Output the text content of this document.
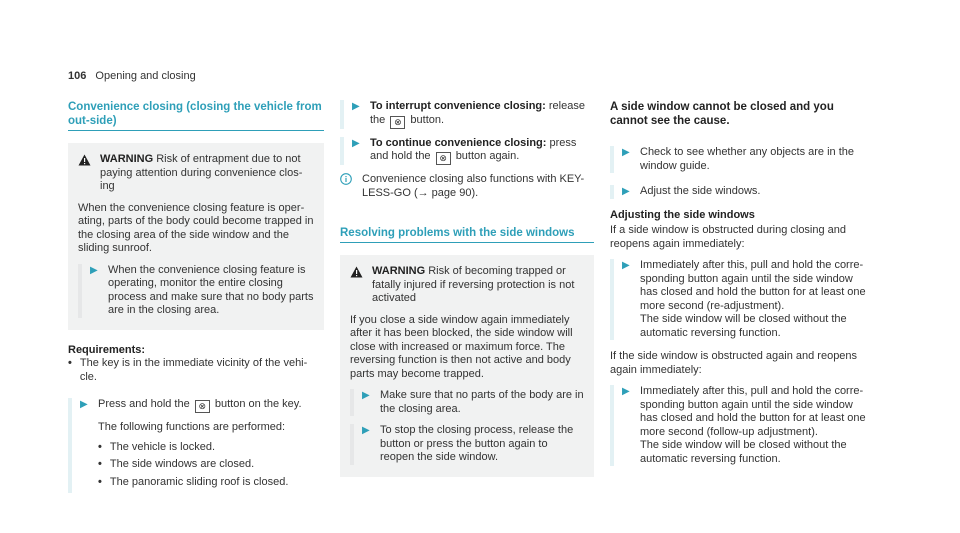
106 Opening and closing
Convenience closing (closing the vehicle from out-side)
WARNING Risk of entrapment due to not paying attention during convenience clos-ing

When the convenience closing feature is oper-ating, parts of the body could become trapped in the closing area of the side window and the sliding sunroof.

▶ When the convenience closing feature is operating, monitor the entire closing process and make sure that no body parts are in the closing area.

Requirements:
• The key is in the immediate vicinity of the vehi-cle.
▶ Press and hold the ⊗ button on the key.

The following functions are performed:

• The vehicle is locked.
• The side windows are closed.
• The panoramic sliding roof is closed.
▶ To interrupt convenience closing: release the ⊗ button.

▶ To continue convenience closing: press and hold the ⊗ button again.

Convenience closing also functions with KEY-LESS-GO (→ page 90).
Resolving problems with the side windows
WARNING Risk of becoming trapped or fatally injured if reversing protection is not activated

If you close a side window again immediately after it has been blocked, the side window will close with increased or maximum force. The reversing function is then not active and body parts may become trapped.

▶ Make sure that no parts of the body are in the closing area.

▶ To stop the closing process, release the button or press the button again to reopen the side window.

A side window cannot be closed and you cannot see the cause.
▶ Check to see whether any objects are in the window guide.

▶ Adjust the side windows.

Adjusting the side windows

If a side window is obstructed during closing and reopens again immediately:

▶ Immediately after this, pull and hold the corre-sponding button again until the side window has closed and hold the button for at least one more second (re-adjustment).

The side window will be closed without the automatic reversing function.

If the side window is obstructed again and reopens again immediately:

▶ Immediately after this, pull and hold the corre-sponding button again until the side window has closed and hold the button for at least one more second (follow-up adjustment).

The side window will be closed without the automatic reversing function.
